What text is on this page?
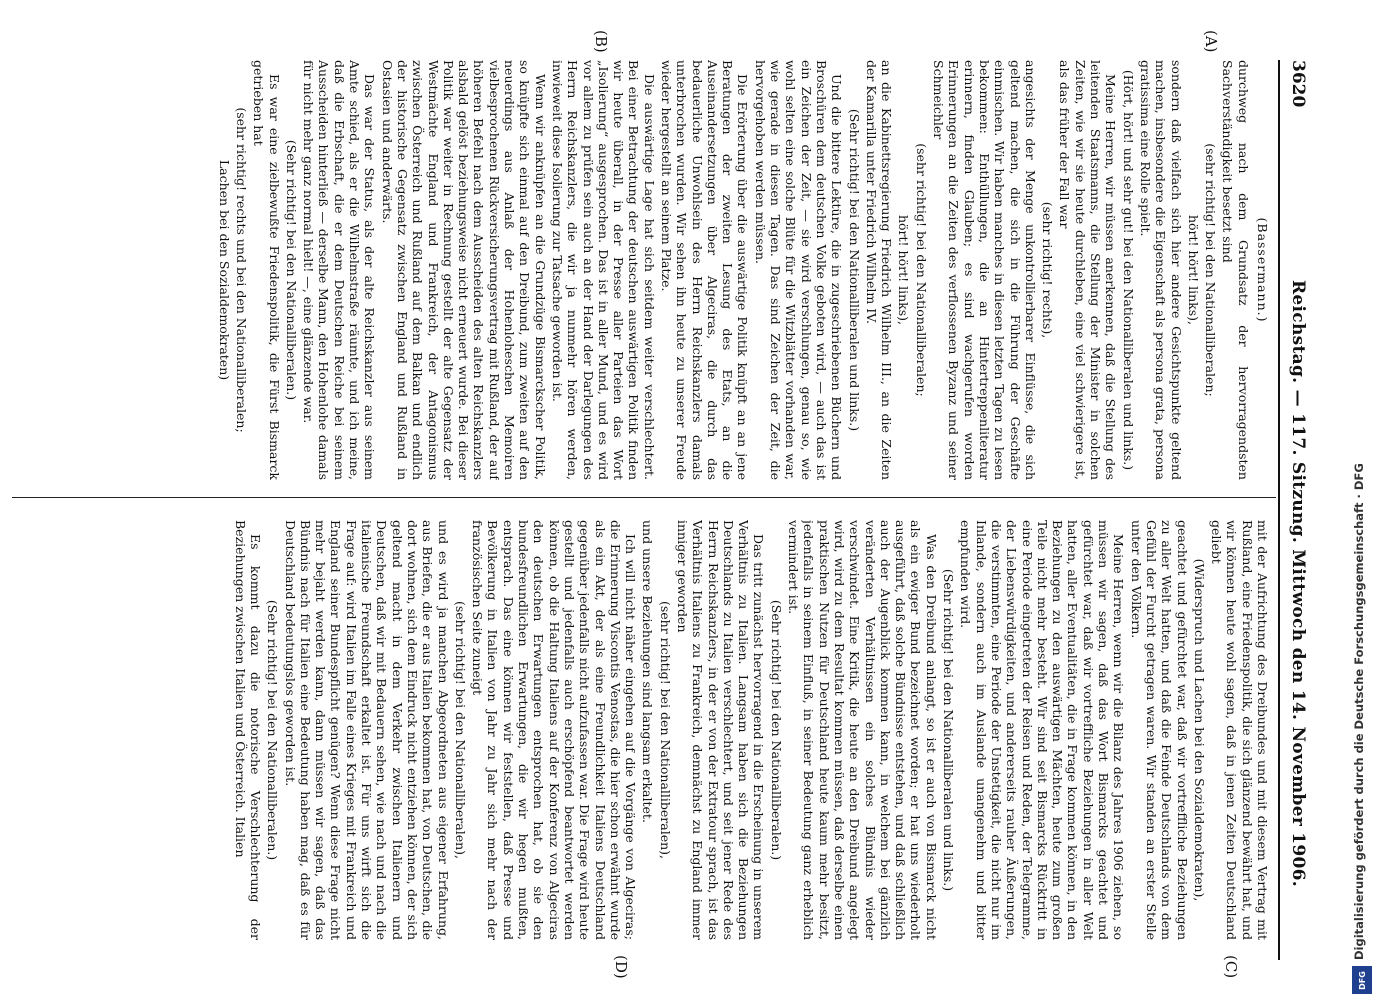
3620
Reichstag. — 117. Sitzung. Mittwoch den 14. November 1906.
(A)
(B)
(C)
(D)

(Bassermann.)

durchweg nach dem Grundsatz der hervorragendsten Sachverständigkeit besetzt sind

(sehr richtig! bei den Nationalliberalen;

hört! hört! links),

sondern daß vielfach sich hier andere Gesichtspunkte geltend machen, insbesondere die Eigenschaft als persona grata, persona gratissima eine Rolle spielt.

(Hört, hört! und sehr gut! bei den Nationalliberalen und links.)

Meine Herren, wir müssen anerkennen, daß die Stellung des leitenden Staatsmanns, die Stellung der Minister in solchen Zeiten, wie wir sie heute durchleben, eine viel schwierigere ist, als das früher der Fall war

(sehr richtig! rechts),

angesichts der Menge unkontrollierbarer Einflüsse, die sich geltend machen, die sich in die Führung der Geschäfte einmischen. Wir haben manches in diesen letzten Tagen zu lesen bekommen: Enthüllungen, die an Hintertreppenliteratur erinnern, finden Glauben; es sind wachgerufen worden Erinnerungen an die Zeiten des verflossenen Byzanz und seiner Schmeichler

(sehr richtig! bei den Nationalliberalen;

hört! hört! links),

an die Kabinettsregierung Friedrich Wilhelm III., an die Zeiten der Kamarilla unter Friedrich Wilhelm IV.

(Sehr richtig! bei den Nationalliberalen und links.)

Und die bittere Lektüre, die in zugeschriebenen Büchern und Broschüren dem deutschen Volke geboten wird, — auch das ist ein Zeichen der Zeit, — sie wird verschlungen, genau so, wie wohl selten eine solche Blüte für die Witzblätter vorhanden war, wie gerade in diesen Tagen. Das sind Zeichen der Zeit, die hervorgehoben werden müssen.

Die Erörterung über die auswärtige Politik knüpft an an jene Beratungen der zweiten Lesung des Etats, an die Auseinandersetzungen über Algeciras, die durch das bedauerliche Unwohlsein des Herrn Reichskanzlers damals unterbrochen wurden. Wir sehen ihn heute zu unserer Freude wieder hergestellt an seinem Platze.

Die auswärtige Lage hat sich seitdem weiter verschlechtert. Bei einer Betrachtung der deutschen auswärtigen Politik finden wir heute überall, in der Presse aller Parteien das Wort „Isolierung“ ausgesprochen. Das ist in aller Mund, und es wird vor allem zu prüfen sein auch an der Hand der Darlegungen des Herrn Reichskanzlers, die wir ja nunmehr hören werden, inwieweit diese Isolierung zur Tatsache geworden ist.

Wenn wir anknüpfen an die Grundzüge Bismarckscher Politik, so knüpfte sich einmal auf den Dreibund, zum zweiten auf den neuerdings aus Anlaß der Hohenloheschen Memoiren vielbesprochenen Rückversicherungsvertrag mit Rußland, der auf höheren Befehl nach dem Ausscheiden des alten Reichskanzlers alsbald gelöst beziehungsweise nicht erneuert wurde. Bei dieser Politik war weiter in Rechnung gestellt der alte Gegensatz der Westmächte England und Frankreich, der Antagonismus zwischen Österreich und Rußland auf dem Balkan und endlich der historische Gegensatz zwischen England und Rußland in Ostasien und anderwärts.

Das war der Status, als der alte Reichskanzler aus seinem Amte schied, als er die Wilhelmstraße räumte, und ich meine, daß die Erbschaft, die er dem Deutschen Reiche bei seinem Ausscheiden hinterließ — derselbe Mann, den Hohenlohe damals für nicht mehr ganz normal hielt! —, eine glänzende war.

(Sehr richtig! bei den Nationalliberalen.)

Es war eine zielbewußte Friedenspolitik, die Fürst Bismarck getrieben hat

(sehr richtig! rechts und bei den Nationalliberalen;

Lachen bei den Sozialdemokraten)

mit der Aufrichtung des Dreibundes und mit diesem Vertrag mit Rußland, eine Friedenspolitik, die sich glänzend bewährt hat, und wir können heute wohl sagen, daß in jenen Zeiten Deutschland geliebt

(Widerspruch und Lachen bei den Sozialdemokraten),

geachtet und gefürchtet war, daß wir vortreffliche Beziehungen zu aller Welt hatten, und daß die Feinde Deutschlands von dem Gefühl der Furcht getragen waren. Wir standen an erster Stelle unter den Völkern.

Meine Herren, wenn wir die Bilanz des Jahres 1906 ziehen, so müssen wir sagen, daß das Wort Bismarcks geachtet und gefürchtet war, daß wir vortreffliche Beziehungen in aller Welt hatten, aller Eventualitäten, die in Frage kommen können, in den Beziehungen zu den auswärtigen Mächten, heute zum großen Teile nicht mehr besteht. Wir sind seit Bismarcks Rücktritt in eine Periode eingetreten der Reisen und Reden, der Telegramme, der Liebenswürdigkeiten, und andererseits rauher Äußerungen, die verstimmten, eine Periode der Unstetigkeit, die nicht nur im Inlande, sondern auch im Auslande unangenehm und bitter empfunden wird.

(Sehr richtig! bei den Nationalliberalen und links.)

Was den Dreibund anlangt, so ist er auch von Bismarck nicht als ein ewiger Bund bezeichnet worden; er hat uns wiederholt ausgeführt, daß solche Bündnisse entstehen, und daß schließlich auch der Augenblick kommen kann, in welchem bei gänzlich veränderten Verhältnissen ein solches Bündnis wieder verschwindet. Eine Kritik, die heute an den Dreibund angelegt wird, wird zu dem Resultat kommen müssen, daß derselbe einen praktischen Nutzen für Deutschland heute kaum mehr besitzt, jedenfalls in seinem Einfluß, in seiner Bedeutung ganz erheblich vermindert ist.

(Sehr richtig! bei den Nationalliberalen.)

Das tritt zunächst hervorragend in die Erscheinung in unserem Verhältnis zu Italien. Langsam haben sich die Beziehungen Deutschlands zu Italien verschlechtert, und seit jener Rede des Herrn Reichskanzlers, in der er von der Extratour sprach, ist das Verhältnis Italiens zu Frankreich, demnächst zu England immer inniger geworden

(sehr richtig! bei den Nationalliberalen),

und unsere Beziehungen sind langsam erkaltet.

Ich will nicht näher eingehen auf die Vorgänge von Algeciras; die Erinnerung Viscontis Venostas, die hier schon erwähnt wurde als ein Akt, der als eine Freundlichkeit Italiens Deutschland gegenüber jedenfalls nicht aufzufassen war. Die Frage wird heute gestellt und jedenfalls auch erschöpfend beantwortet werden können, ob die Haltung Italiens auf der Konferenz von Algeciras den deutschen Erwartungen entsprochen hat, ob sie den bundesfreundlichen Erwartungen, die wir hegen mußten, entsprach. Das eine können wir feststellen, daß Presse und Bevölkerung in Italien von Jahr zu Jahr sich mehr nach der französischen Seite zuneigt

(sehr richtig! bei den Nationalliberalen),

und es wird ja manchen Abgeordneten aus eigener Erfahrung, aus Briefen, die er aus Italien bekommen hat, von Deutschen, die dort wohnen, sich dem Eindruck nicht entziehen können, der sich geltend macht in dem Verkehr zwischen Italienern und Deutschen, daß wir mit Bedauern sehen, wie nach und nach die italienische Freundschaft erkaltet ist. Für uns wirft sich die Frage auf: wird Italien im Falle eines Krieges mit Frankreich und England seiner Bundespflicht genügen? Wenn diese Frage nicht mehr bejaht werden kann, dann müssen wir sagen, daß das Bündnis nach für Italien eine Bedeutung haben mag, daß es für Deutschland bedeutungslos geworden ist.

(Sehr richtig! bei den Nationalliberalen.)

Es kommt dazu die notorische Verschlechterung der Beziehungen zwischen Italien und Österreich. Italien	Digitalisierung gefördert durch die Deutsche Forschungsgemeinschaft · DFG
DFG
